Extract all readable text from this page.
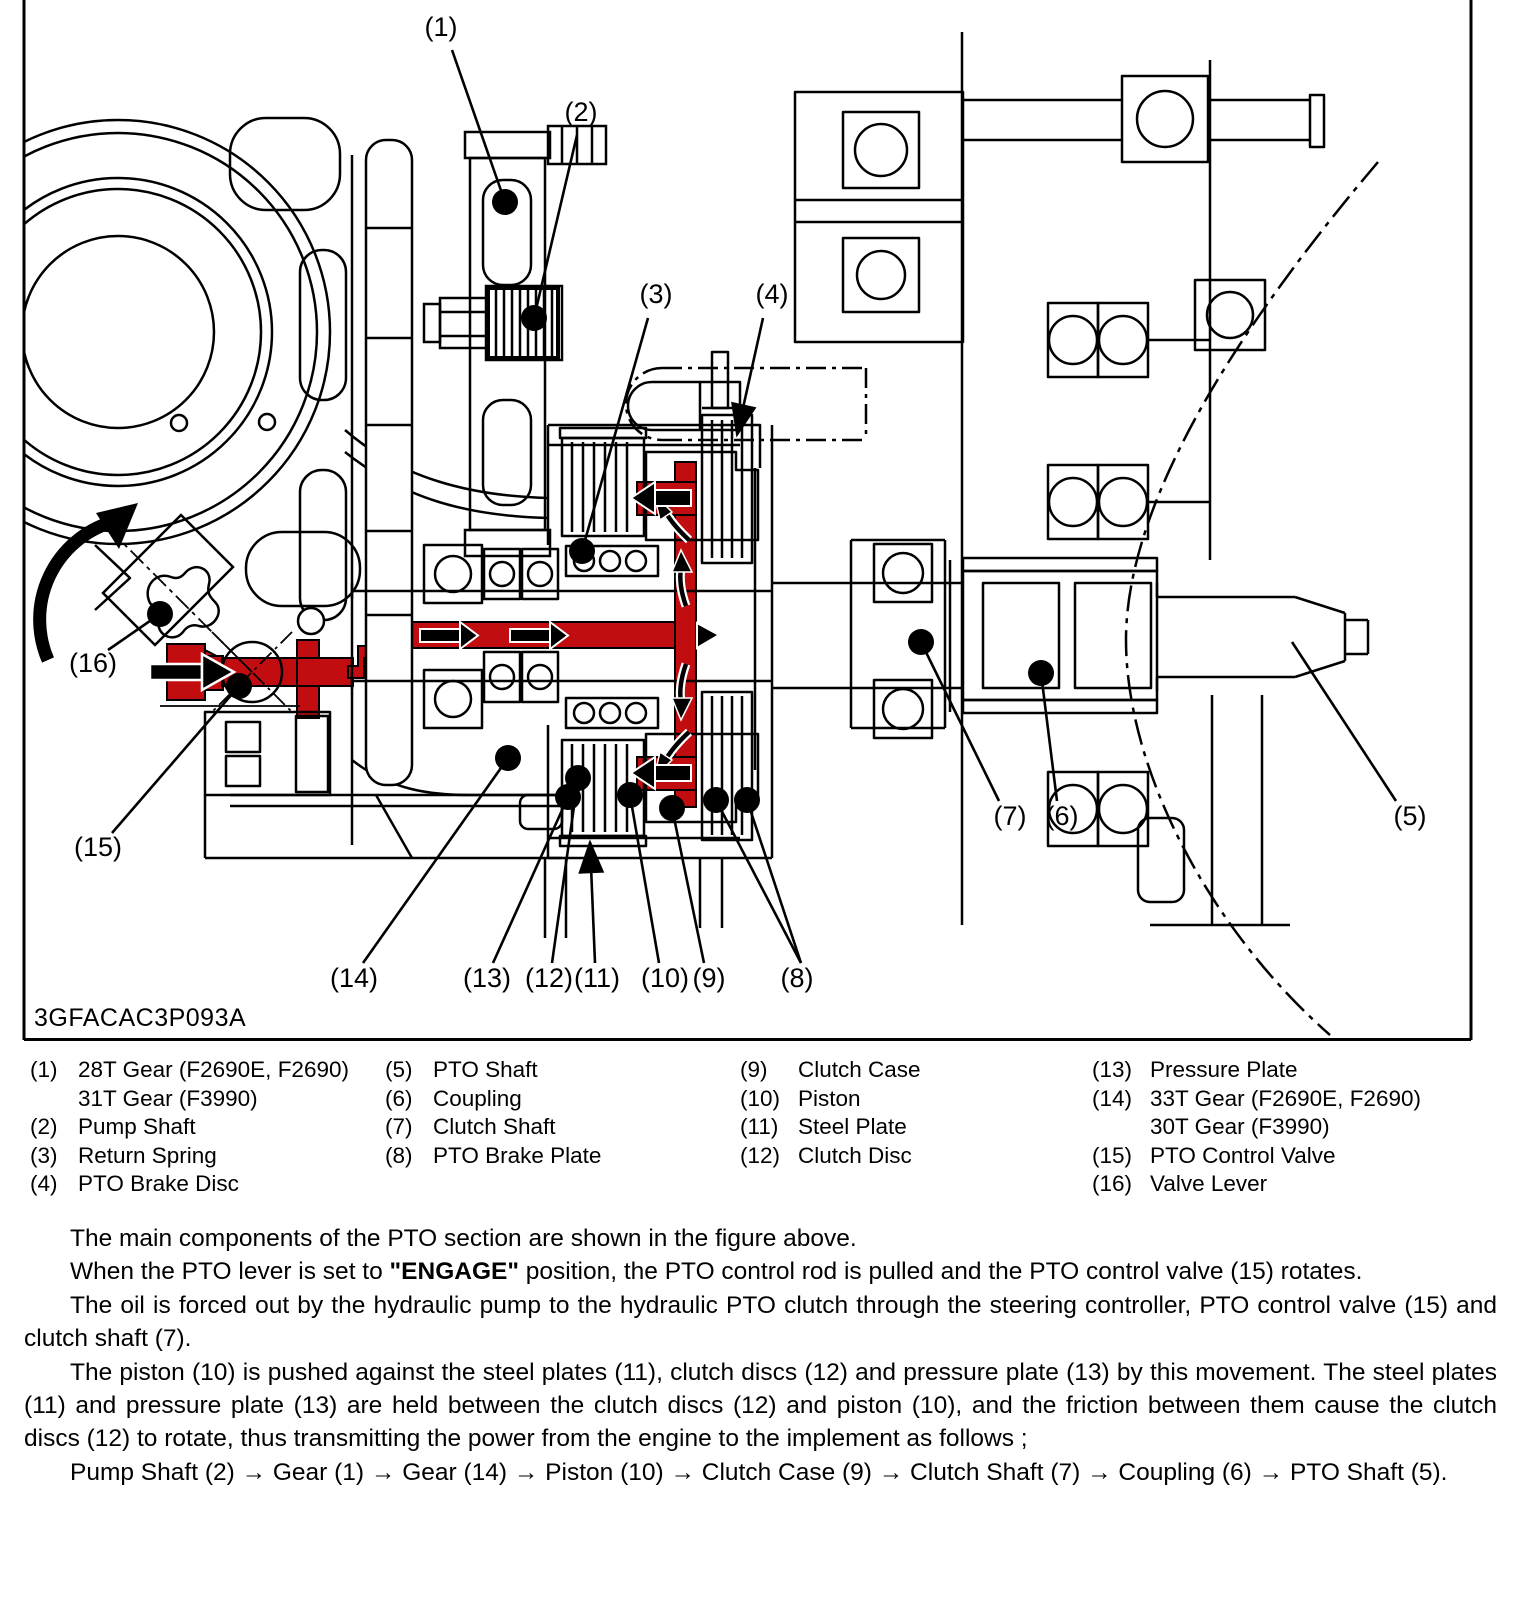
(1)
(2)
(3)	(4)
(5)
(6)
(7)
(8)
(9)
(10)
(11)
(12)
(13)
(14)
(15)
(16)
3GFACAC3P093A
(1) 28T Gear (F2690E, F2690)
31T Gear (F3990)
(2) Pump Shaft
(3) Return Spring
(4) PTO Brake Disc
(5) PTO Shaft
(6) Coupling
(7) Clutch Shaft
(8) PTO Brake Plate
(9)	Clutch Case
(10) Piston
(11) Steel Plate
(12) Clutch Disc
(13) Pressure Plate
(14) 33T Gear (F2690E, F2690)
30T Gear (F3990)
(15) PTO Control Valve
(16) Valve Lever

The main components of the PTO section are shown in the figure above.

When the PTO lever is set to "ENGAGE" position, the PTO control rod is pulled and the PTO control valve (15) rotates.

The oil is forced out by the hydraulic pump to the hydraulic PTO clutch through the steering controller, PTO control valve (15) and clutch shaft (7).

The piston (10) is pushed against the steel plates (11), clutch discs (12) and pressure plate (13) by this movement. The steel plates (11) and pressure plate (13) are held between the clutch discs (12) and piston (10), and the friction between them cause the clutch discs (12) to rotate, thus transmitting the power from the engine to the implement as follows ;

Pump Shaft (2) → Gear (1) → Gear (14) → Piston (10) → Clutch Case (9) → Clutch Shaft (7) → Coupling (6) → PTO Shaft (5).
